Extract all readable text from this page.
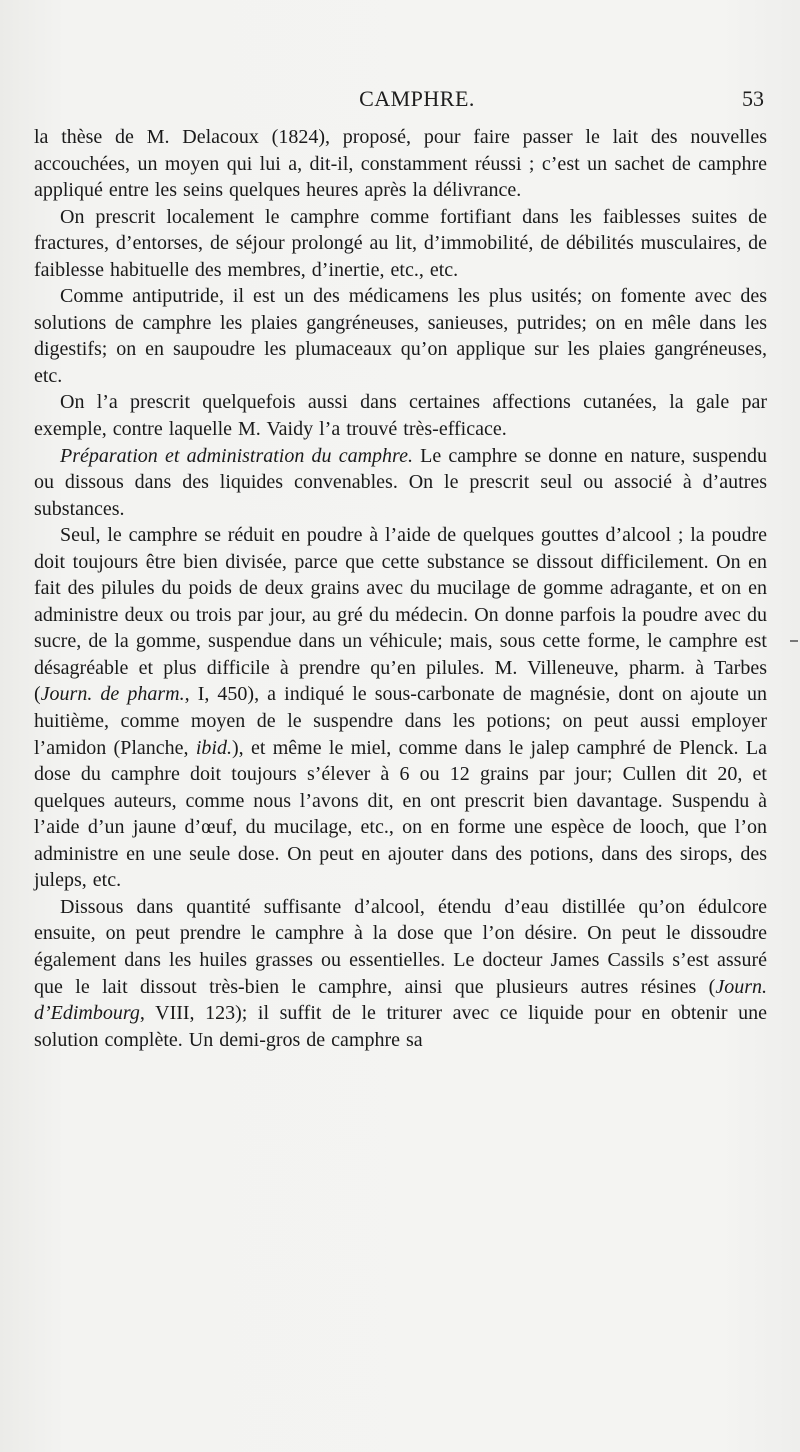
CAMPHRE.	53

la thèse de M. Delacoux (1824), proposé, pour faire passer le lait des nouvelles accouchées, un moyen qui lui a, dit-il, constamment réussi ; c’est un sachet de camphre appliqué entre les seins quelques heures après la délivrance.

On prescrit localement le camphre comme fortifiant dans les faiblesses suites de fractures, d’entorses, de séjour prolongé au lit, d’immobilité, de débilités musculaires, de faiblesse habituelle des membres, d’inertie, etc., etc.

Comme antiputride, il est un des médicamens les plus usités; on fomente avec des solutions de camphre les plaies gangréneuses, sanieuses, putrides; on en mêle dans les digestifs; on en saupoudre les plumaceaux qu’on applique sur les plaies gangréneuses, etc.

On l’a prescrit quelquefois aussi dans certaines affections cutanées, la gale par exemple, contre laquelle M. Vaidy l’a trouvé très-efficace.

Préparation et administration du camphre. Le camphre se donne en nature, suspendu ou dissous dans des liquides convenables. On le prescrit seul ou associé à d’autres substances.

Seul, le camphre se réduit en poudre à l’aide de quelques gouttes d’alcool ; la poudre doit toujours être bien divisée, parce que cette substance se dissout difficilement. On en fait des pilules du poids de deux grains avec du mucilage de gomme adragante, et on en administre deux ou trois par jour, au gré du médecin. On donne parfois la poudre avec du sucre, de la gomme, suspendue dans un véhicule; mais, sous cette forme, le camphre est désagréable et plus difficile à prendre qu’en pilules. M. Villeneuve, pharm. à Tarbes (Journ. de pharm., I, 450), a indiqué le sous-carbonate de magnésie, dont on ajoute un huitième, comme moyen de le suspendre dans les potions; on peut aussi employer l’amidon (Planche, ibid.), et même le miel, comme dans le jalep camphré de Plenck. La dose du camphre doit toujours s’élever à 6 ou 12 grains par jour; Cullen dit 20, et quelques auteurs, comme nous l’avons dit, en ont prescrit bien davantage. Suspendu à l’aide d’un jaune d’œuf, du mucilage, etc., on en forme une espèce de looch, que l’on administre en une seule dose. On peut en ajouter dans des potions, dans des sirops, des juleps, etc.

Dissous dans quantité suffisante d’alcool, étendu d’eau distillée qu’on édulcore ensuite, on peut prendre le camphre à la dose que l’on désire. On peut le dissoudre également dans les huiles grasses ou essentielles. Le docteur James Cassils s’est assuré que le lait dissout très-bien le camphre, ainsi que plusieurs autres résines (Journ. d’Edimbourg, VIII, 123); il suffit de le triturer avec ce liquide pour en obtenir une solution complète. Un demi-gros de camphre sa
